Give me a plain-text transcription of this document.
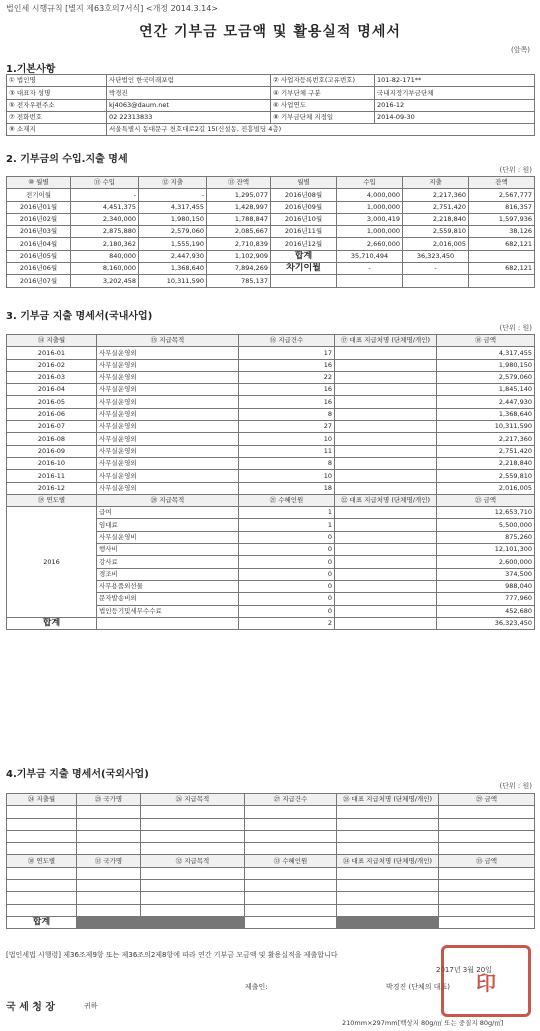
법인세 시행규칙 [별지 제63호의7서식] <개정 2014.3.14>
연간 기부금 모금액 및 활용실적 명세서
(앞쪽)
1.기본사항
① 법인명	사단법인 한국미래포럼	② 사업자등록번호(고유번호)	101-82-171**
③ 대표자 성명	박경진	④ 기부단체 구분	국내지정기부금단체
⑤ 전자우편주소	kj4063@daum.net	⑥ 사업연도	2016-12
⑦ 전화번호	02 22313833	⑧ 기부금단체 지정일	2014-09-30
⑨ 소재지	서울특별시 동대문구 천호대로2길 15(신설동, 진흥빌딩 4층)		
2. 기부금의 수입.지출 명세
(단위 : 원)
⑩ 월별	⑪ 수입	⑫ 지출	⑬ 잔액	월별	수입	지출	잔액
전기이월	-	-	1,295,077	2016년08월	4,000,000	2,217,360	2,567,777
2016년01월	4,451,375	4,317,455	1,428,997	2016년09월	1,000,000	2,751,420	816,357
2016년02월	2,340,000	1,980,150	1,788,847	2016년10월	3,000,419	2,218,840	1,597,936
2016년03월	2,875,880	2,579,060	2,085,667	2016년11월	1,000,000	2,559,810	38,126
2016년04월	2,180,362	1,555,190	2,710,839	2016년12월	2,660,000	2,016,005	682,121
2016년05월	840,000	2,447,930	1,102,909	합계	35,710,494	36,323,450	
2016년06월	8,160,000	1,368,640	7,894,269	차기이월	-	-	682,121
2016년07월	3,202,458	10,311,590	785,137				
3. 기부금 지출 명세서(국내사업)
(단위 : 원)
⑭ 지출월	⑮ 지급목적	⑯ 지급건수	⑰ 대표 지급처명 (단체명/개인)	⑱ 금액
2016-01	사무실운영외	17		4,317,455
2016-02	사무실운영외	16		1,980,150
2016-03	사무실운영외	22		2,579,060
2016-04	사무실운영외	16		1,845,140
2016-05	사무실운영외	16		2,447,930
2016-06	사무실운영외	8		1,368,640
2016-07	사무실운영외	27		10,311,590
2016-08	사무실운영외	10		2,217,360
2016-09	사무실운영외	11		2,751,420
2016-10	사무실운영외	8		2,218,840
2016-11	사무실운영외	10		2,559,810
2016-12	사무실운영외	18		2,016,005
⑲ 연도별	⑳ 지급목적	㉑ 수혜인원	㉒ 대표 지급처명 (단체명/개인)	㉓ 금액
2016	급여	1		12,653,710
	임대료	1		5,500,000
	사무실운영비	0		875,260
	행사비	0		12,101,300
	강사료	0		2,600,000
	경조비	0		374,500
	사무용품외선물	0		988,040
	문자발송비외	0		777,960
	법인등기및세무수수료	0		452,680
합계		2		36,323,450

4.기부금 지출 명세서(국외사업)
(단위 : 원)
㉔ 지출월	㉕ 국가명	㉖ 지급목적	㉗ 지급건수	㉘ 대표 지급처명 (단체명/개인)	㉙ 금액

㉚ 연도별	㉛ 국가명	㉜ 지급목적	㉝ 수혜인원	㉞ 대표 지급처명 (단체명/개인)	㉟ 금액

합계					
[법인세법 시행령] 제36조제9항 또는 제36조의2제8항에 따라 연간 기부금 모금액 및 활용실적을 제출합니다
2017년 3월 20일
제출인:	박경진 (단체의 대표)
국 세 청 장	귀하
210mm×297mm[백상지 80g/㎡ 또는 중질지 80g/㎡]
印
